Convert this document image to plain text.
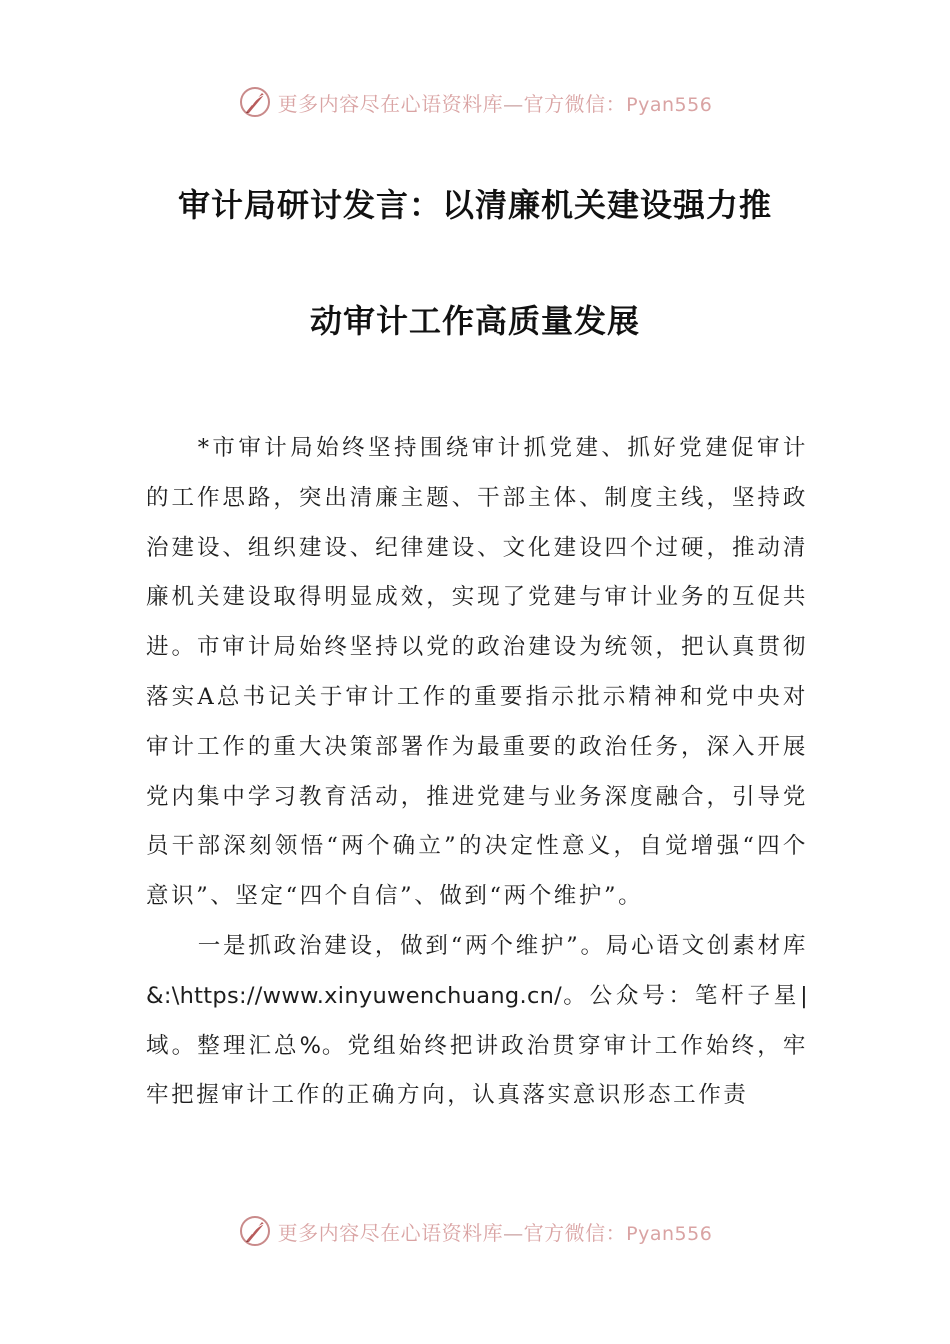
更多内容尽在心语资料库—官方微信：Pyan556
审计局研讨发言：以清廉机关建设强力推
动审计工作高质量发展

*市审计局始终坚持围绕审计抓党建、抓好党建促审计的工作思路，突出清廉主题、干部主体、制度主线，坚持政治建设、组织建设、纪律建设、文化建设四个过硬，推动清廉机关建设取得明显成效，实现了党建与审计业务的互促共进。市审计局始终坚持以党的政治建设为统领，把认真贯彻落实A总书记关于审计工作的重要指示批示精神和党中央对审计工作的重大决策部署作为最重要的政治任务，深入开展党内集中学习教育活动，推进党建与业务深度融合，引导党员干部深刻领悟“两个确立”的决定性意义，自觉增强“四个意识”、坚定“四个自信”、做到“两个维护”。

一是抓政治建设，做到“两个维护”。局心语文创素材库&:\https://www.xinyuwenchuang.cn/。公众号：笔杆子星|域。整理汇总%。党组始终把讲政治贯穿审计工作始终，牢牢把握审计工作的正确方向，认真落实意识形态工作责

更多内容尽在心语资料库—官方微信：Pyan556
